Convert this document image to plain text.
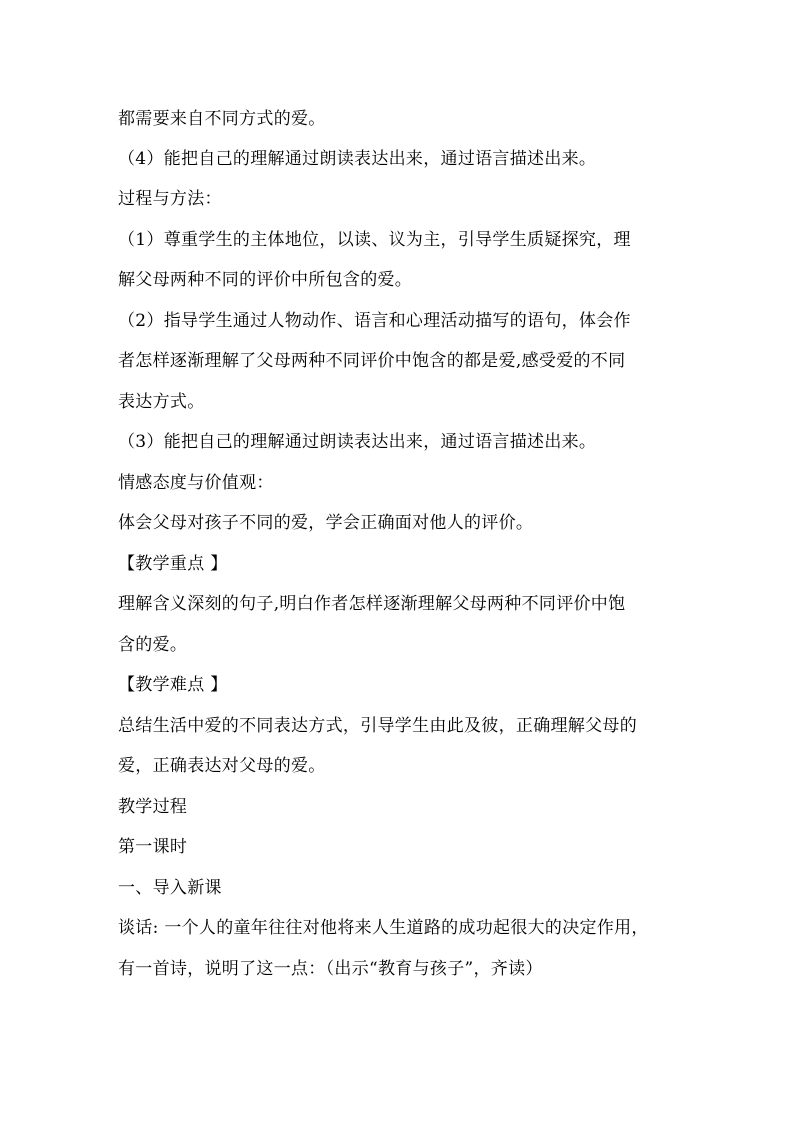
都需要来自不同方式的爱。
（4）能把自己的理解通过朗读表达出来，通过语言描述出来。
过程与方法：
（1）尊重学生的主体地位，以读、议为主，引导学生质疑探究，理
解父母两种不同的评价中所包含的爱。
（2）指导学生通过人物动作、语言和心理活动描写的语句，体会作
者怎样逐渐理解了父母两种不同评价中饱含的都是爱,感受爱的不同
表达方式。
（3）能把自己的理解通过朗读表达出来，通过语言描述出来。
情感态度与价值观：
体会父母对孩子不同的爱，学会正确面对他人的评价。
【教学重点 】
理解含义深刻的句子,明白作者怎样逐渐理解父母两种不同评价中饱
含的爱。
【教学难点 】
总结生活中爱的不同表达方式，引导学生由此及彼，正确理解父母的
爱，正确表达对父母的爱。
教学过程
第一课时
一、导入新课
谈话: 一个人的童年往往对他将来人生道路的成功起很大的决定作用，
有一首诗，说明了这一点：（出示“教育与孩子”，齐读）
